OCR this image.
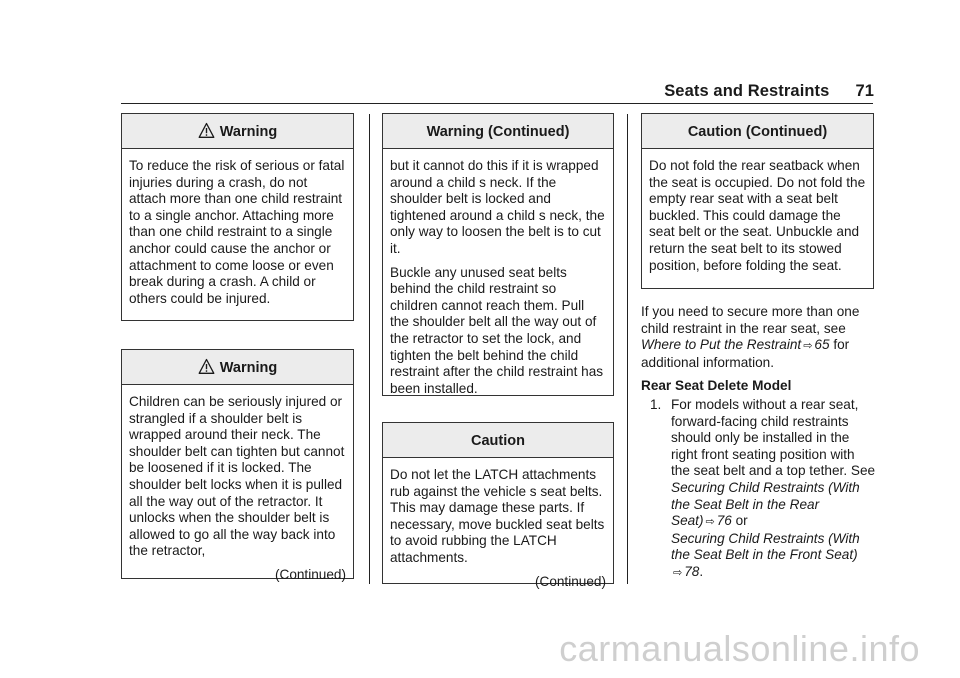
Seats and Restraints 71
Warning

To reduce the risk of serious or fatal injuries during a crash, do not attach more than one child restraint to a single anchor. Attaching more than one child restraint to a single anchor could cause the anchor or attachment to come loose or even break during a crash. A child or others could be injured.

Warning

Children can be seriously injured or strangled if a shoulder belt is wrapped around their neck. The shoulder belt can tighten but cannot be loosened if it is locked. The shoulder belt locks when it is pulled all the way out of the retractor. It unlocks when the shoulder belt is allowed to go all the way back into the retractor,

(Continued)
Warning (Continued)

but it cannot do this if it is wrapped around a child s neck. If the shoulder belt is locked and tightened around a child s neck, the only way to loosen the belt is to cut it.

Buckle any unused seat belts behind the child restraint so children cannot reach them. Pull the shoulder belt all the way out of the retractor to set the lock, and tighten the belt behind the child restraint after the child restraint has been installed.

Caution

Do not let the LATCH attachments rub against the vehicle s seat belts. This may damage these parts. If necessary, move buckled seat belts to avoid rubbing the LATCH attachments.

(Continued)
Caution (Continued)

Do not fold the rear seatback when the seat is occupied. Do not fold the empty rear seat with a seat belt buckled. This could damage the seat belt or the seat. Unbuckle and return the seat belt to its stowed position, before folding the seat.

If you need to secure more than one child restraint in the rear seat, see Where to Put the Restraint ⇨ 65 for additional information.

Rear Seat Delete Model
1. For models without a rear seat, forward-facing child restraints should only be installed in the right front seating position with the seat belt and a top tether. See Securing Child Restraints (With the Seat Belt in the Rear Seat) ⇨ 76 or
Securing Child Restraints (With the Seat Belt in the Front Seat)
⇨ 78.
carmanualsonline.info
